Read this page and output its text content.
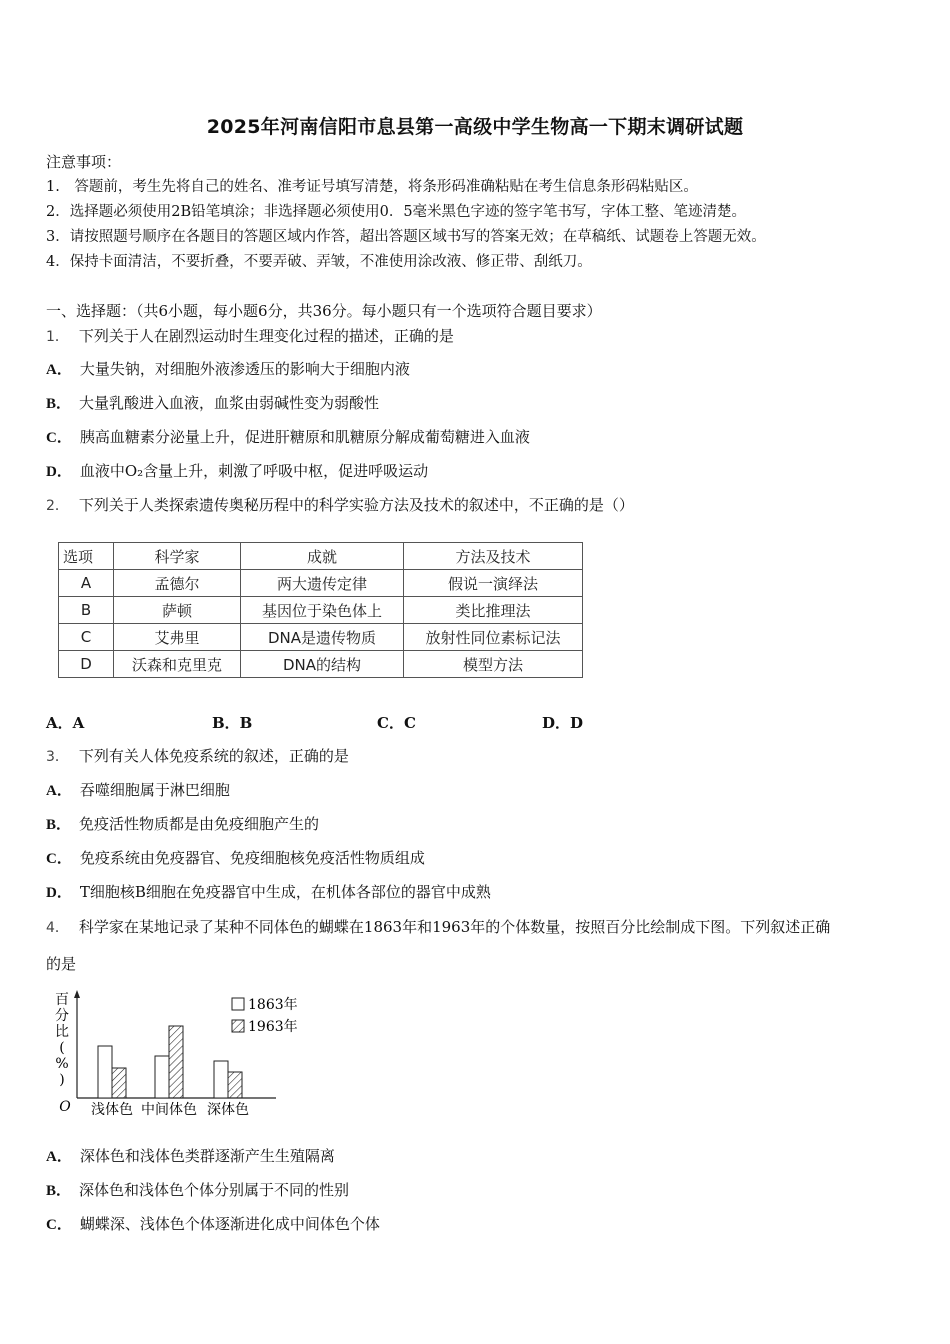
2025年河南信阳市息县第一高级中学生物高一下期末调研试题
注意事项：
1.　答题前，考生先将自己的姓名、准考证号填写清楚，将条形码准确粘贴在考生信息条形码粘贴区。
2．选择题必须使用2B铅笔填涂；非选择题必须使用0．5毫米黑色字迹的签字笔书写，字体工整、笔迹清楚。
3．请按照题号顺序在各题目的答题区域内作答，超出答题区域书写的答案无效；在草稿纸、试题卷上答题无效。
4．保持卡面清洁，不要折叠，不要弄破、弄皱，不准使用涂改液、修正带、刮纸刀。
一、选择题：（共6小题，每小题6分，共36分。每小题只有一个选项符合题目要求）
1． 下列关于人在剧烈运动时生理变化过程的描述，正确的是
A． 大量失钠，对细胞外液渗透压的影响大于细胞内液
B． 大量乳酸进入血液，血浆由弱碱性变为弱酸性
C． 胰高血糖素分泌量上升，促进肝糖原和肌糖原分解成葡萄糖进入血液
D． 血液中O₂含量上升，刺激了呼吸中枢，促进呼吸运动
2． 下列关于人类探索遗传奥秘历程中的科学实验方法及技术的叙述中，不正确的是（）
选项	科学家	成就	方法及技术
A	孟德尔	两大遗传定律	假说一演绎法
B	萨顿	基因位于染色体上	类比推理法
C	艾弗里	DNA是遗传物质	放射性同位素标记法
D	沃森和克里克	DNA的结构	模型方法
A．A	B．B	C．C	D．D
3． 下列有关人体免疫系统的叙述，正确的是
A． 吞噬细胞属于淋巴细胞
B． 免疫活性物质都是由免疫细胞产生的
C． 免疫系统由免疫器官、免疫细胞核免疫活性物质组成
D． T细胞核B细胞在免疫器官中生成，在机体各部位的器官中成熟
4． 科学家在某地记录了某种不同体色的蝴蝶在1863年和1963年的个体数量，按照百分比绘制成下图。下列叙述正确
的是
百
分
比
(
%
)
O 浅体色 中间体色 深体色
1863年
1963年
A． 深体色和浅体色类群逐渐产生生殖隔离
B． 深体色和浅体色个体分别属于不同的性别
C． 蝴蝶深、浅体色个体逐渐进化成中间体色个体
